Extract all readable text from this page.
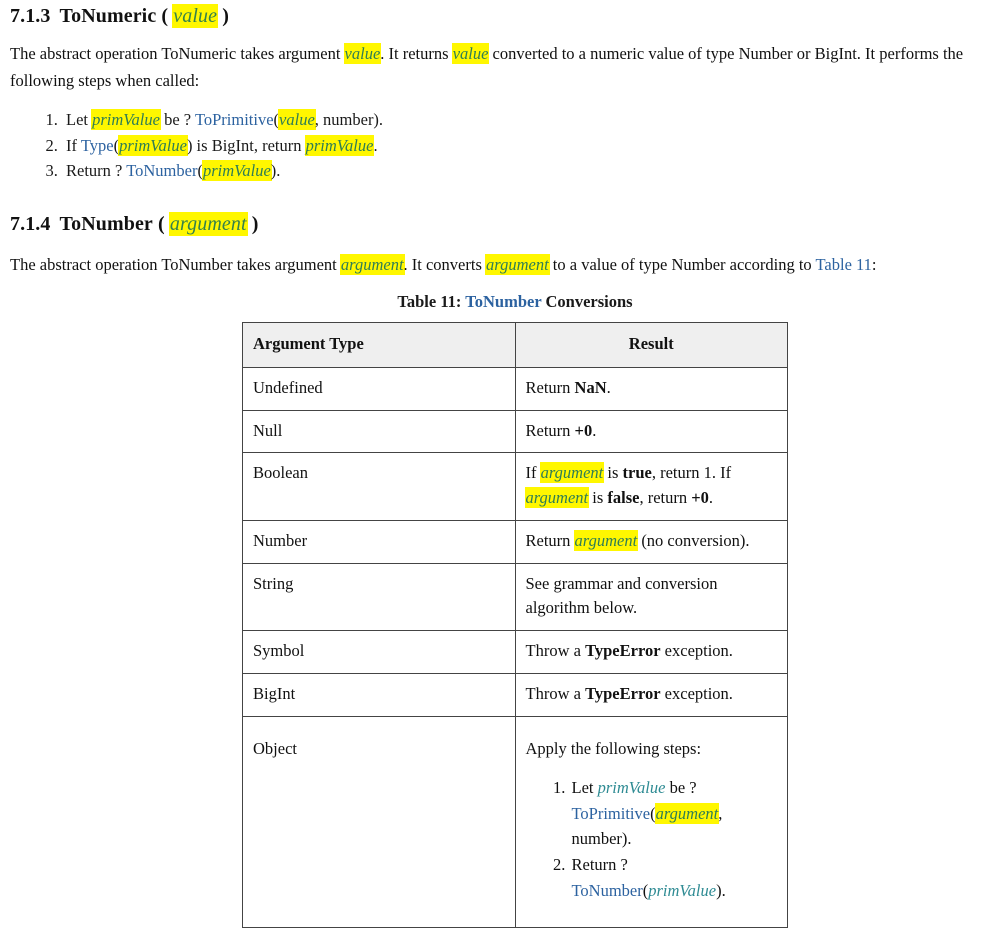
7.1.3 ToNumeric ( value )

The abstract operation ToNumeric takes argument value. It returns value converted to a numeric value of type Number or BigInt. It performs the following steps when called:

1. Let primValue be ? ToPrimitive(value, number).
2. If Type(primValue) is BigInt, return primValue.
3. Return ? ToNumber(primValue).
7.1.4 ToNumber ( argument )

The abstract operation ToNumber takes argument argument. It converts argument to a value of type Number according to Table 11:

Table 11: ToNumber Conversions
Argument Type	Result
Undefined	Return NaN.
Null	Return +0.
Boolean	If argument is true, return 1. If argument is false, return +0.
Number	Return argument (no conversion).
String	See grammar and conversion algorithm below.
Symbol	Throw a TypeError exception.
BigInt	Throw a TypeError exception.
Object	Apply the following steps:
1. Let primValue be ? ToPrimitive(argument, number).
2. Return ? ToNumber(primValue).
